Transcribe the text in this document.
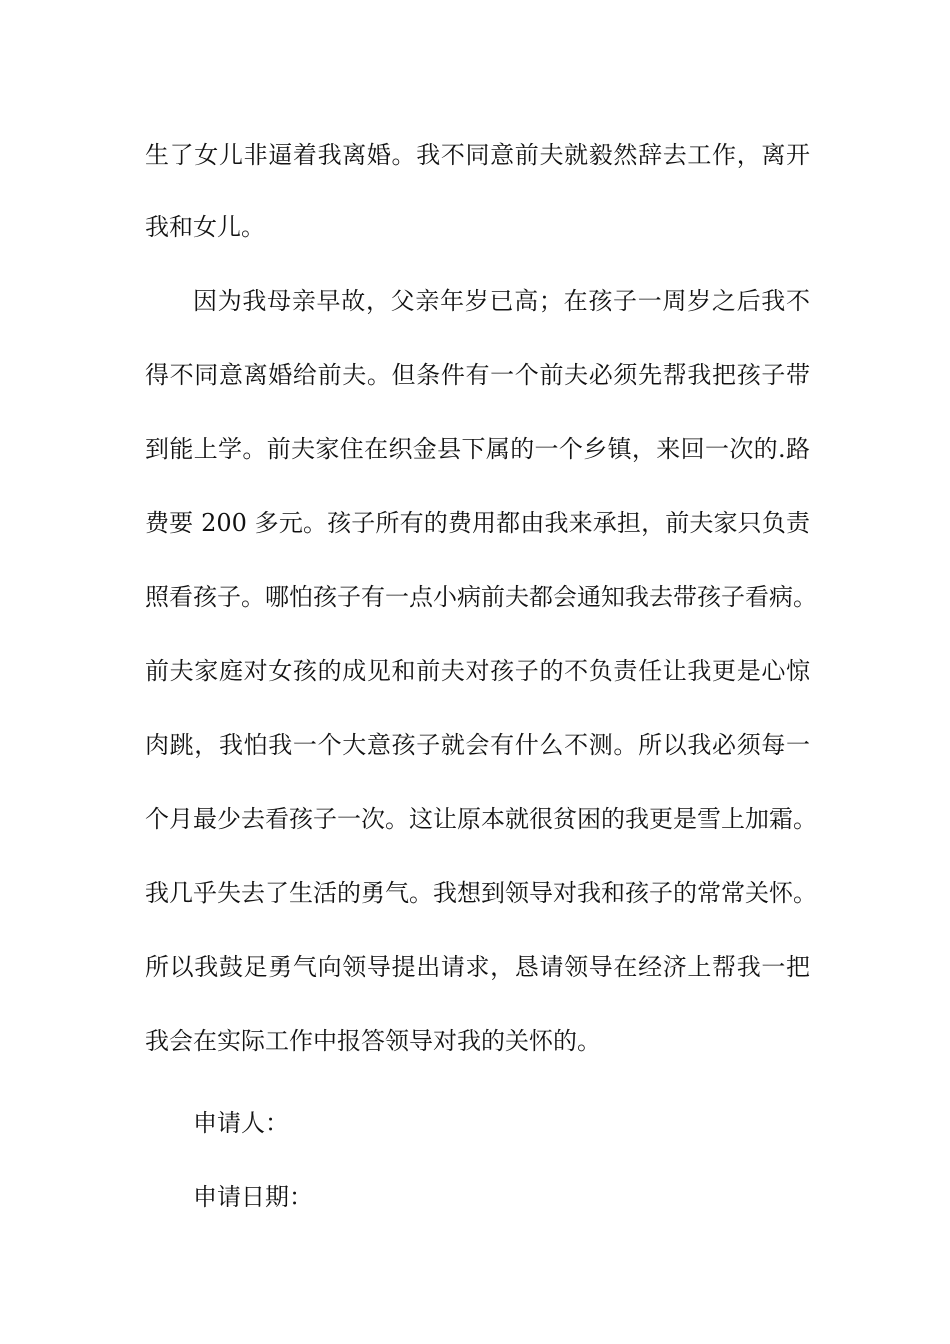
生了女儿非逼着我离婚。我不同意前夫就毅然辞去工作，离开
我和女儿。
因为我母亲早故，父亲年岁已高；在孩子一周岁之后我不
得不同意离婚给前夫。但条件有一个前夫必须先帮我把孩子带
到能上学。前夫家住在织金县下属的一个乡镇，来回一次的.路
费要 200 多元。孩子所有的费用都由我来承担，前夫家只负责
照看孩子。哪怕孩子有一点小病前夫都会通知我去带孩子看病。
前夫家庭对女孩的成见和前夫对孩子的不负责任让我更是心惊
肉跳，我怕我一个大意孩子就会有什么不测。所以我必须每一
个月最少去看孩子一次。这让原本就很贫困的我更是雪上加霜。
我几乎失去了生活的勇气。我想到领导对我和孩子的常常关怀。
所以我鼓足勇气向领导提出请求，恳请领导在经济上帮我一把
我会在实际工作中报答领导对我的关怀的。
申请人：
申请日期：
